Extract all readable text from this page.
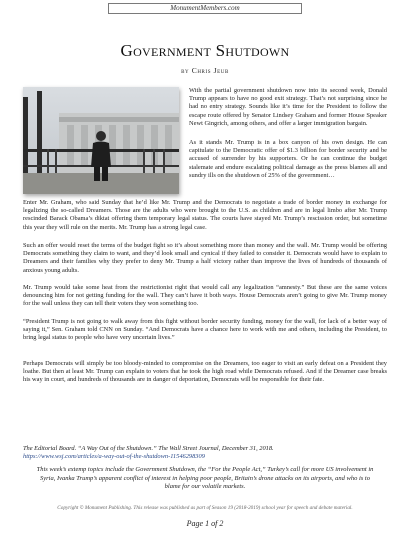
MonumentMembers.com
Government Shutdown
by Chris Jeub

With the partial government shutdown now into its second week, Donald Trump appears to have no good exit strategy. That’s not surprising since he had no entry strategy. Sounds like it’s time for the President to follow the escape route offered by Senator Lindsey Graham and former House Speaker Newt Gingrich, among others, and offer a larger immigration bargain.

As it stands Mr. Trump is in a box canyon of his own design. He can capitulate to the Democratic offer of $1.3 billion for border security and be accused of surrender by his supporters. Or he can continue the budget stalemate and endure escalating political damage as the press blames all and sundry ills on the shutdown of 25% of the government…

Enter Mr. Graham, who said Sunday that he’d like Mr. Trump and the Democrats to negotiate a trade of border money in exchange for legalizing the so-called Dreamers. Those are the adults who were brought to the U.S. as children and are in legal limbo after Mr. Trump rescinded Barack Obama’s diktat offering them temporary legal status. The courts have stayed Mr. Trump’s rescission order, but sometime this year they will rule on the merits. Mr. Trump has a strong legal case.

Such an offer would reset the terms of the budget fight so it’s about something more than money and the wall. Mr. Trump would be offering Democrats something they claim to want, and they’d look small and cynical if they failed to consider it. Democrats would have to explain to Dreamers and their families why they prefer to deny Mr. Trump a half victory rather than improve the lives of hundreds of thousands of anxious young adults.

Mr. Trump would take some heat from the restrictionist right that would call any legalization “amnesty.” But these are the same voices denouncing him for not getting funding for the wall. They can’t have it both ways. House Democrats aren’t going to give Mr. Trump money for the wall unless they can tell their voters they won something too.

“President Trump is not going to walk away from this fight without border security funding, money for the wall, for lack of a better way of saying it,” Sen. Graham told CNN on Sunday. “And Democrats have a chance here to work with me and others, including the President, to bring legal status to people who have very uncertain lives.”

Perhaps Democrats will simply be too bloody-minded to compromise on the Dreamers, too eager to visit an early defeat on a President they loathe. But then at least Mr. Trump can explain to voters that he took the high road while Democrats refused. And if the Dreamer case breaks his way in court, and hundreds of thousands are in danger of deportation, Democrats will be responsible for their fate.

The Editorial Board. “A Way Out of the Shutdown.” The Wall Street Journal, December 31, 2018.
https://www.wsj.com/articles/a-way-out-of-the-shutdown-11546298309
This week’s extemp topics include the Government Shutdown, the “For the People Act,” Turkey’s call for more US involvement in Syria, Ivanka Trump’s apparent conflict of interest in helping poor people, Britain’s drone attacks on its airports, and who is to blame for our volatile markets.
Copyright © Monument Publishing. This release was published as part of Season 19 (2018-2019) school year for speech and debate material.
Page 1 of 2
